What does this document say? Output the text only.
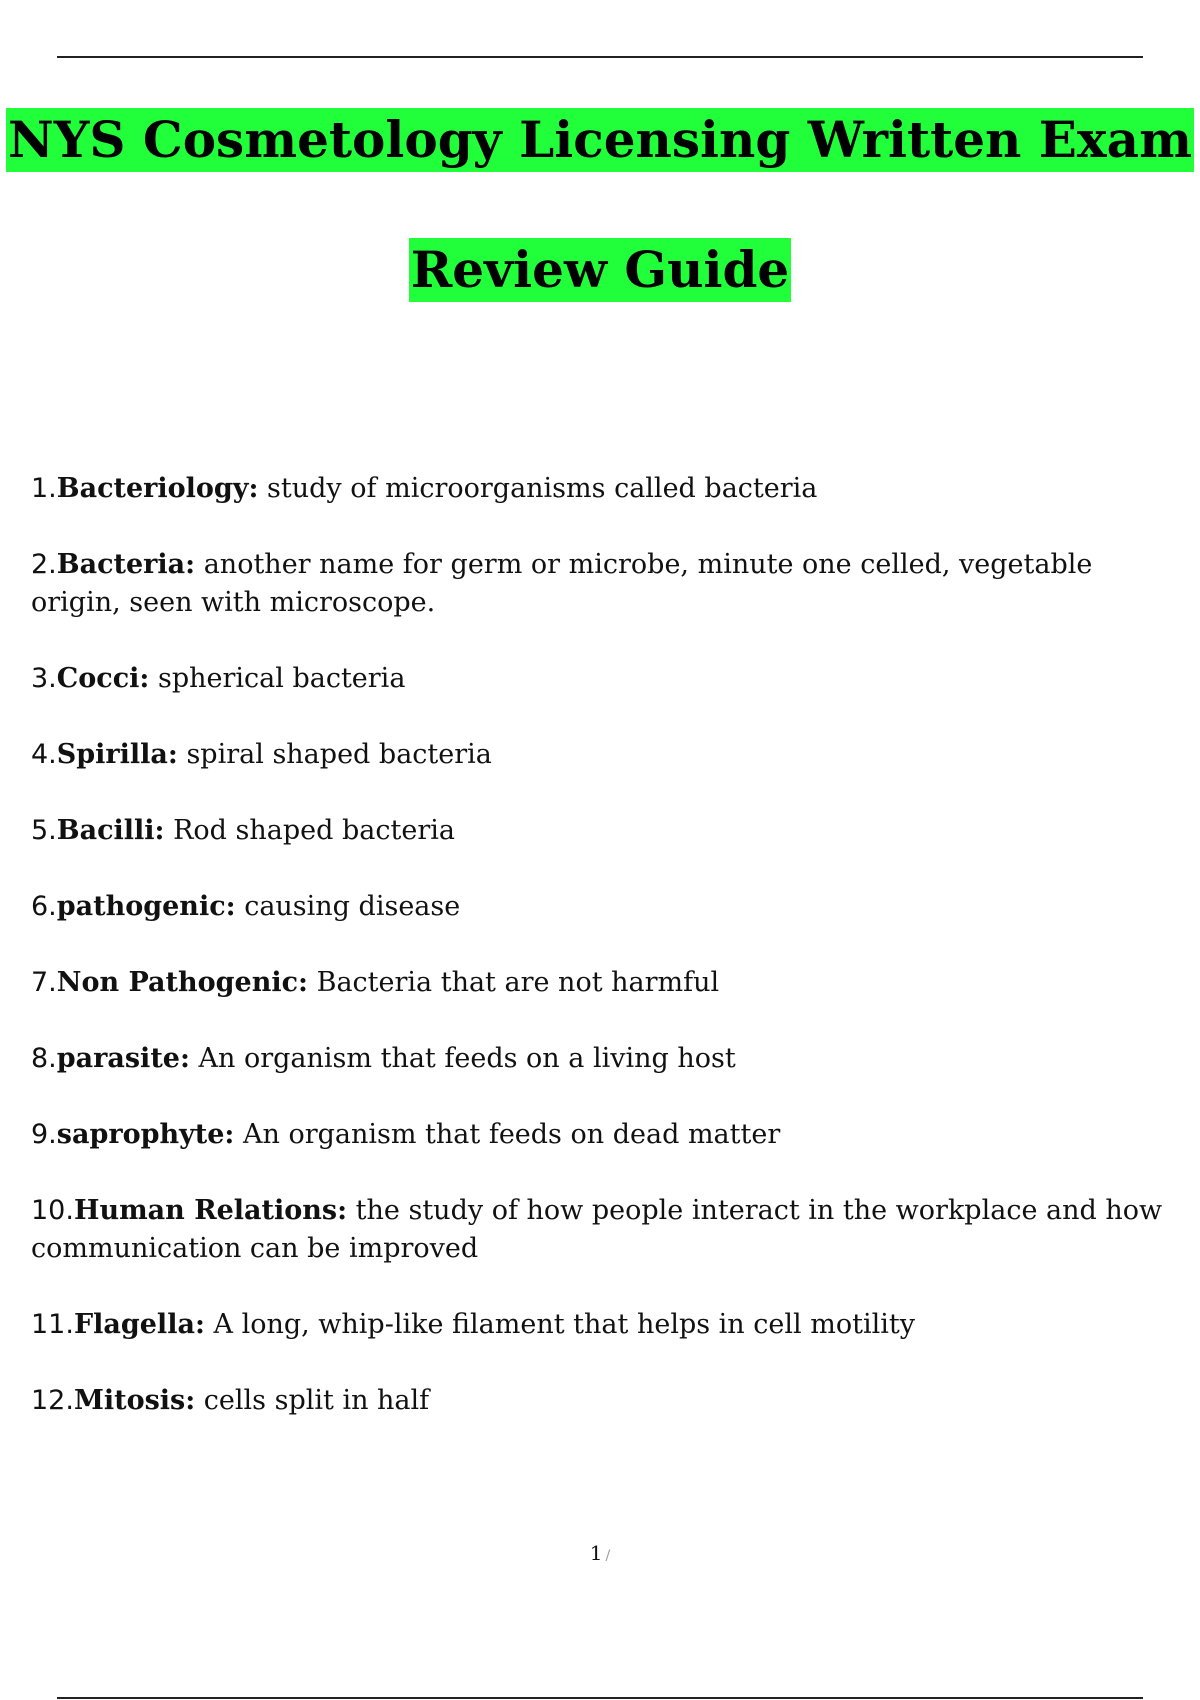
NYS Cosmetology Licensing Written Exam
Review Guide
1.Bacteriology: study of microorganisms called bacteria
2.Bacteria: another name for germ or microbe, minute one celled, vegetable origin, seen with microscope.
3.Cocci: spherical bacteria
4.Spirilla: spiral shaped bacteria
5.Bacilli: Rod shaped bacteria
6.pathogenic: causing disease
7.Non Pathogenic: Bacteria that are not harmful
8.parasite: An organism that feeds on a living host
9.saprophyte: An organism that feeds on dead matter
10.Human Relations: the study of how people interact in the workplace and how communication can be improved
11.Flagella: A long, whip-like filament that helps in cell motility
12.Mitosis: cells split in half
1 /
